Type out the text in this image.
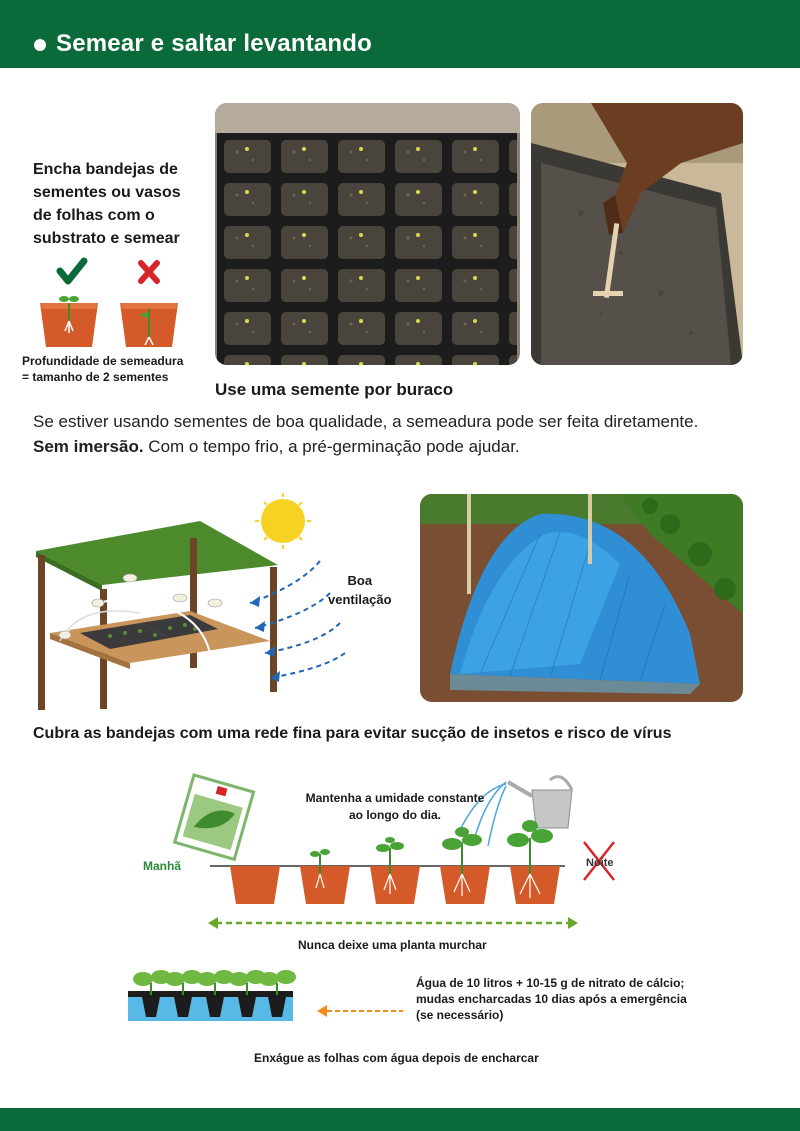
Semear e saltar levantando
Encha bandejas de
sementes ou vasos
de folhas com o
substrato e semear
Profundidade de semeadura
= tamanho de 2 sementes
Use uma semente por buraco
Se estiver usando sementes de boa qualidade, a semeadura pode ser feita diretamente.
Sem imersão. Com o tempo frio, a pré-germinação pode ajudar.
Boa
ventilação
Cubra as bandejas com uma rede fina para evitar sucção de insetos e risco de vírus
Mantenha a umidade constante
ao longo do dia.
Manhã	Noite
Nunca deixe uma planta murchar
Água de 10 litros + 10-15 g de nitrato de cálcio;
mudas encharcadas 10 dias após a emergência
(se necessário)
Enxágue as folhas com água depois de encharcar
